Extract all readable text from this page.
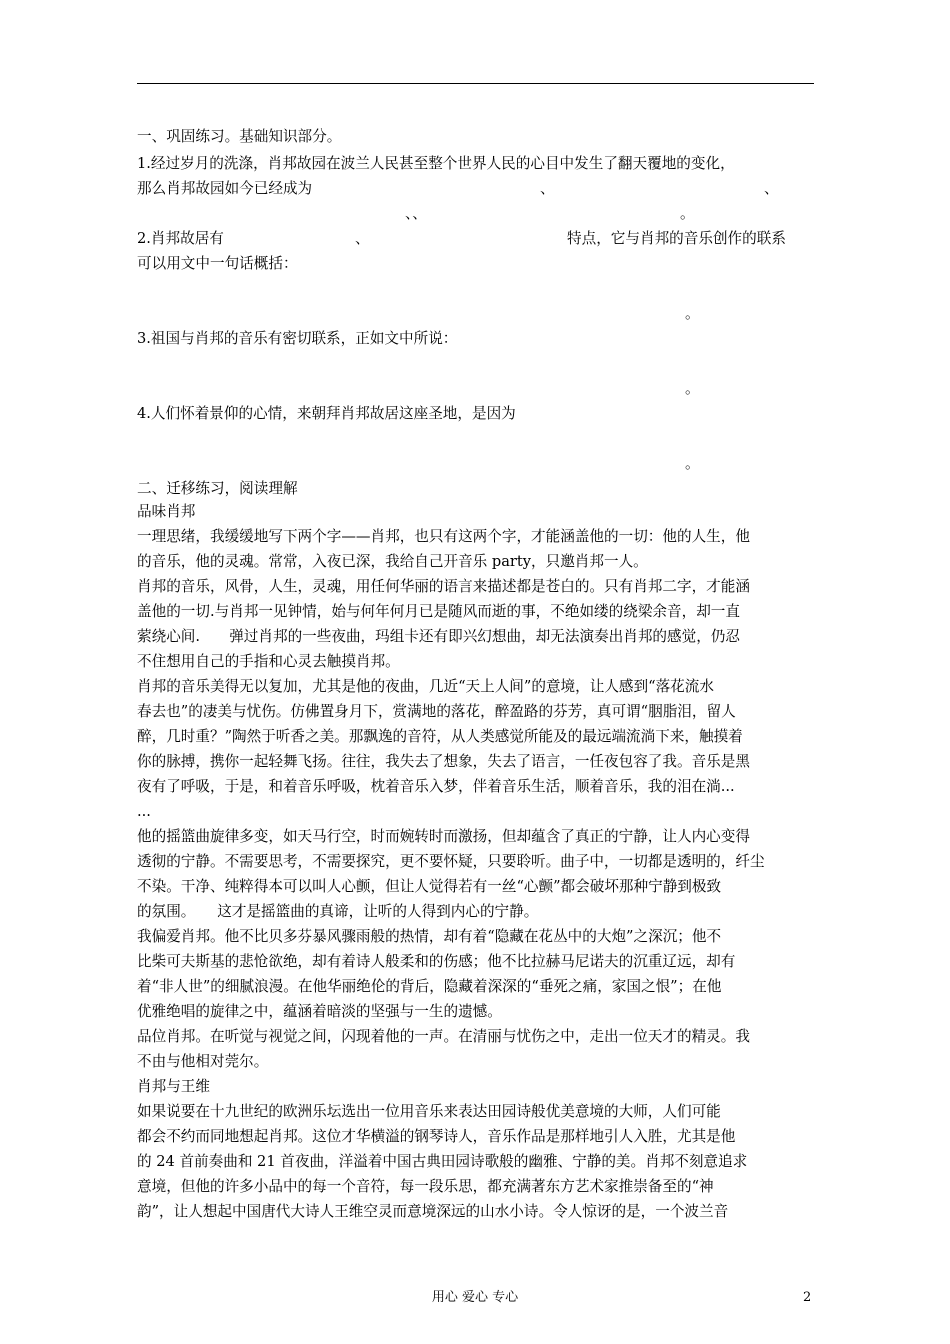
一、巩固练习。基础知识部分。
1.经过岁月的洗涤，肖邦故园在波兰人民甚至整个世界人民的心目中发生了翻天覆地的变化，
那么肖邦故园如今已经成为	、	、
、、	。
2.肖邦故居有	、	特点，它与肖邦的音乐创作的联系
可以用文中一句话概括：
。
3.祖国与肖邦的音乐有密切联系，正如文中所说：
。
4.人们怀着景仰的心情，来朝拜肖邦故居这座圣地，是因为
。
二、迁移练习，阅读理解
品味肖邦
一理思绪，我缓缓地写下两个字——肖邦，也只有这两个字，才能涵盖他的一切：他的人生，他
的音乐，他的灵魂。常常，入夜已深，我给自己开音乐 party，只邀肖邦一人。
肖邦的音乐，风骨，人生，灵魂，用任何华丽的语言来描述都是苍白的。只有肖邦二字，才能涵
盖他的一切.与肖邦一见钟情，始与何年何月已是随风而逝的事，不绝如缕的绕梁余音，却一直
萦绕心间.　　弹过肖邦的一些夜曲，玛组卡还有即兴幻想曲，却无法演奏出肖邦的感觉，仍忍
不住想用自己的手指和心灵去触摸肖邦。
肖邦的音乐美得无以复加，尤其是他的夜曲，几近“天上人间”的意境，让人感到“落花流水
春去也”的凄美与忧伤。仿佛置身月下，赏满地的落花，醉盈路的芬芳，真可谓“胭脂泪，留人
醉，几时重？”陶然于听香之美。那飘逸的音符，从人类感觉所能及的最远端流淌下来，触摸着
你的脉搏，携你一起轻舞飞扬。往往，我失去了想象，失去了语言，一任夜包容了我。音乐是黑
夜有了呼吸，于是，和着音乐呼吸，枕着音乐入梦，伴着音乐生活，顺着音乐，我的泪在淌...
...
他的摇篮曲旋律多变，如天马行空，时而婉转时而激扬，但却蕴含了真正的宁静，让人内心变得
透彻的宁静。不需要思考，不需要探究，更不要怀疑，只要聆听。曲子中，一切都是透明的，纤尘
不染。干净、纯粹得本可以叫人心颤，但让人觉得若有一丝“心颤”都会破坏那种宁静到极致
的氛围。　　这才是摇篮曲的真谛，让听的人得到内心的宁静。
我偏爱肖邦。他不比贝多芬暴风骤雨般的热情，却有着“隐藏在花丛中的大炮”之深沉；他不
比柴可夫斯基的悲怆欲绝，却有着诗人般柔和的伤感；他不比拉赫马尼诺夫的沉重辽远，却有
着“非人世”的细腻浪漫。在他华丽绝伦的背后，隐藏着深深的“垂死之痛，家国之恨”；在他
优雅绝唱的旋律之中，蕴涵着暗淡的坚强与一生的遗憾。
品位肖邦。在听觉与视觉之间，闪现着他的一声。在清丽与忧伤之中，走出一位天才的精灵。我
不由与他相对莞尔。
肖邦与王维
如果说要在十九世纪的欧洲乐坛选出一位用音乐来表达田园诗般优美意境的大师，人们可能
都会不约而同地想起肖邦。这位才华横溢的钢琴诗人，音乐作品是那样地引人入胜，尤其是他
的 24 首前奏曲和 21 首夜曲，洋溢着中国古典田园诗歌般的幽雅、宁静的美。肖邦不刻意追求
意境，但他的许多小品中的每一个音符，每一段乐思，都充满著东方艺术家推崇备至的“神
韵”，让人想起中国唐代大诗人王维空灵而意境深远的山水小诗。令人惊讶的是，一个波兰音
用心 爱心 专心	2
